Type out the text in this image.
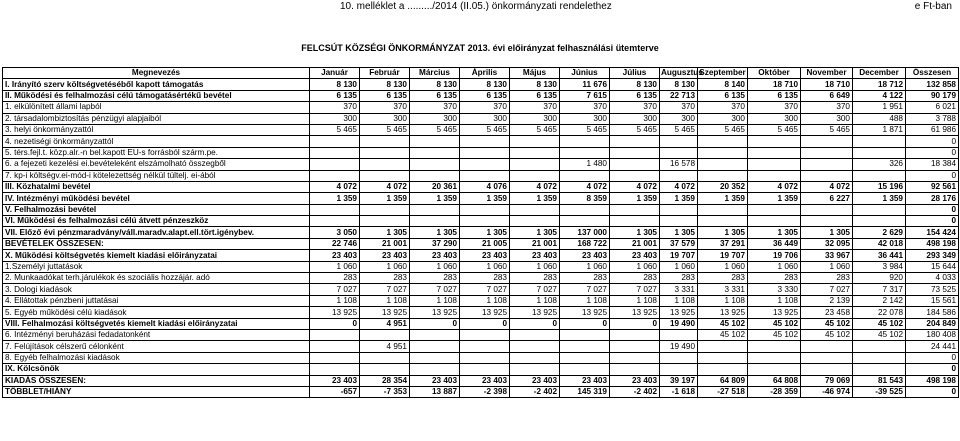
10. melléklet a ........./2014 (II.05.) önkormányzati rendelethez	e Ft-ban
FELCSÚT KÖZSÉGI ÖNKORMÁNYZAT 2013. évi előirányzat felhasználási ütemterve
Megnevezés	Január	Február	Március	Április	Május	Június	Július	Augusztus	Szeptember	Október	November	December	Összesen
I. Irányító szerv költségvetéséből kapott támogatás	8 130	8 130	8 130	8 130	8 130	11 676	8 130	8 130	8 140	18 710	18 710	18 712	132 858
II. Működési és felhalmozási célú támogatásértékű bevétel	6 135	6 135	6 135	6 135	6 135	7 615	6 135	22 713	6 135	6 135	6 649	4 122	90 179
1. elkülönített állami lapból	370	370	370	370	370	370	370	370	370	370	370	1 951	6 021
2. társadalombiztosítás pénzügyi alapjaiból	300	300	300	300	300	300	300	300	300	300	300	488	3 788
3. helyi önkormányzattól	5 465	5 465	5 465	5 465	5 465	5 465	5 465	5 465	5 465	5 465	5 465	1 871	61 986
4. nezetiségi önkormányzattól													0
5. térs.fejl.t. közp.alr.-n bel.kapott EU-s forrásból szárm.pe.													0
6. a fejezeti kezelési ei.bevételeként elszámolható összegből						1 480		16 578				326	18 384
7. kp-i költségv.ei-mód-i kötelezettség nélkül túltelj. ei-ából													0
III. Közhatalmi bevétel	4 072	4 072	20 361	4 076	4 072	4 072	4 072	4 072	20 352	4 072	4 072	15 196	92 561
IV. Intézményi működési bevétel	1 359	1 359	1 359	1 359	1 359	8 359	1 359	1 359	1 359	1 359	6 227	1 359	28 176
V. Felhalmozási bevétel													0
VI. Működési és felhalmozási célú átvett pénzeszköz													0
VII. Előző évi pénzmaradvány/váll.maradv.alapt.ell.tört.igénybev.	3 050	1 305	1 305	1 305	1 305	137 000	1 305	1 305	1 305	1 305	1 305	2 629	154 424
BEVÉTELEK ÖSSZESEN:	22 746	21 001	37 290	21 005	21 001	168 722	21 001	37 579	37 291	36 449	32 095	42 018	498 198
X. Működési költségvetés kiemelt kiadási előirányzatai	23 403	23 403	23 403	23 403	23 403	23 403	23 403	19 707	19 707	19 706	33 967	36 441	293 349
1.Személyi juttatások	1 060	1 060	1 060	1 060	1 060	1 060	1 060	1 060	1 060	1 060	1 060	3 984	15 644
2. Munkaadókat terh.járulékok és szociális hozzájár. adó	283	283	283	283	283	283	283	283	283	283	283	920	4 033
3. Dologi kiadások	7 027	7 027	7 027	7 027	7 027	7 027	7 027	3 331	3 331	3 330	7 027	7 317	73 525
4. Ellátottak pénzbeni juttatásai	1 108	1 108	1 108	1 108	1 108	1 108	1 108	1 108	1 108	1 108	2 139	2 142	15 561
5. Egyéb működési célú kiadások	13 925	13 925	13 925	13 925	13 925	13 925	13 925	13 925	13 925	13 925	23 458	22 078	184 586
VIII. Felhalmozási költségvetés kiemelt kiadási előirányzatai	0	4 951	0	0	0	0	0	19 490	45 102	45 102	45 102	45 102	204 849
6. Intézményi beruházási fedadatonként									45 102	45 102	45 102	45 102	180 408
7. Felújítások célszerű célonként		4 951						19 490					24 441
8. Egyéb felhalmozási kiadások													0
IX. Kölcsönök													0
KIADÁS ÖSSZESEN:	23 403	28 354	23 403	23 403	23 403	23 403	23 403	39 197	64 809	64 808	79 069	81 543	498 198
TÖBBLET/HIÁNY	-657	-7 353	13 887	-2 398	-2 402	145 319	-2 402	-1 618	-27 518	-28 359	-46 974	-39 525	0
